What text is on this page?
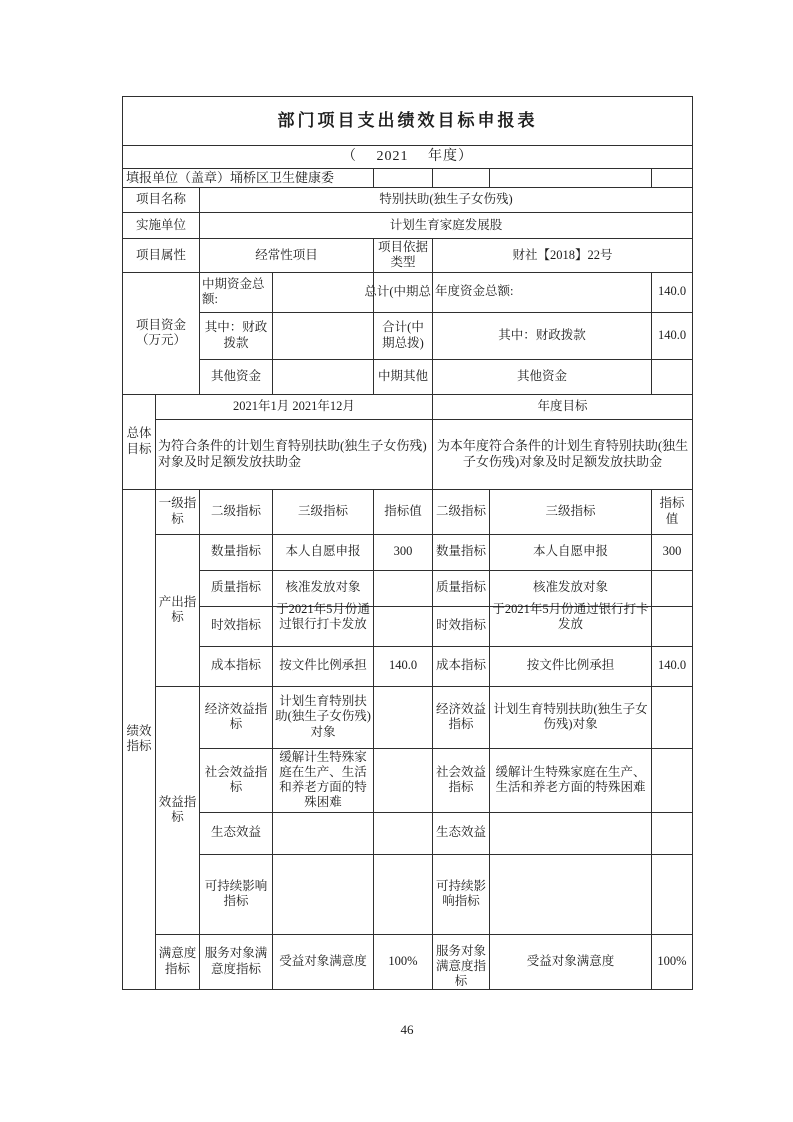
部门项目支出绩效目标申报表							
（　 2021 　年度）							
填报单位（盖章）埇桥区卫生健康委							
项目名称		特别扶助(独生子女伤残)					
实施单位		计划生育家庭发展股					
项目属性		经常性项目		项目依据类型	财社【2018】22号		
项目资金（万元）		中期资金总额:		总计(中期总	年度资金总额:		140.0
		其中：财政拨款		合计(中期总拨)	其中：财政拨款		140.0
		其他资金		中期其他	其他资金		
总体目标	2021年1月 2021年12月				年度目标		
	为符合条件的计划生育特别扶助(独生子女伤残)对象及时足额发放扶助金				为本年度符合条件的计划生育特别扶助(独生子女伤残)对象及时足额发放扶助金		
绩效指标	一级指标	二级指标	三级指标	指标值	二级指标	三级指标	指标值
	产出指标	数量指标	本人自愿申报	300	数量指标	本人自愿申报	300
		质量指标	核准发放对象		质量指标	核准发放对象	
		时效指标	于2021年5月份通过银行打卡发放		时效指标	于2021年5月份通过银行打卡发放	
		成本指标	按文件比例承担	140.0	成本指标	按文件比例承担	140.0
	效益指标	经济效益指标	计划生育特别扶助(独生子女伤残)对象		经济效益指标	计划生育特别扶助(独生子女伤残)对象	
		社会效益指标	缓解计生特殊家庭在生产、生活和养老方面的特殊困难		社会效益指标	缓解计生特殊家庭在生产、生活和养老方面的特殊困难	
		生态效益			生态效益		
		可持续影响指标			可持续影响指标		
	满意度指标	服务对象满意度指标	受益对象满意度	100%	服务对象满意度指标	受益对象满意度	100%
46
